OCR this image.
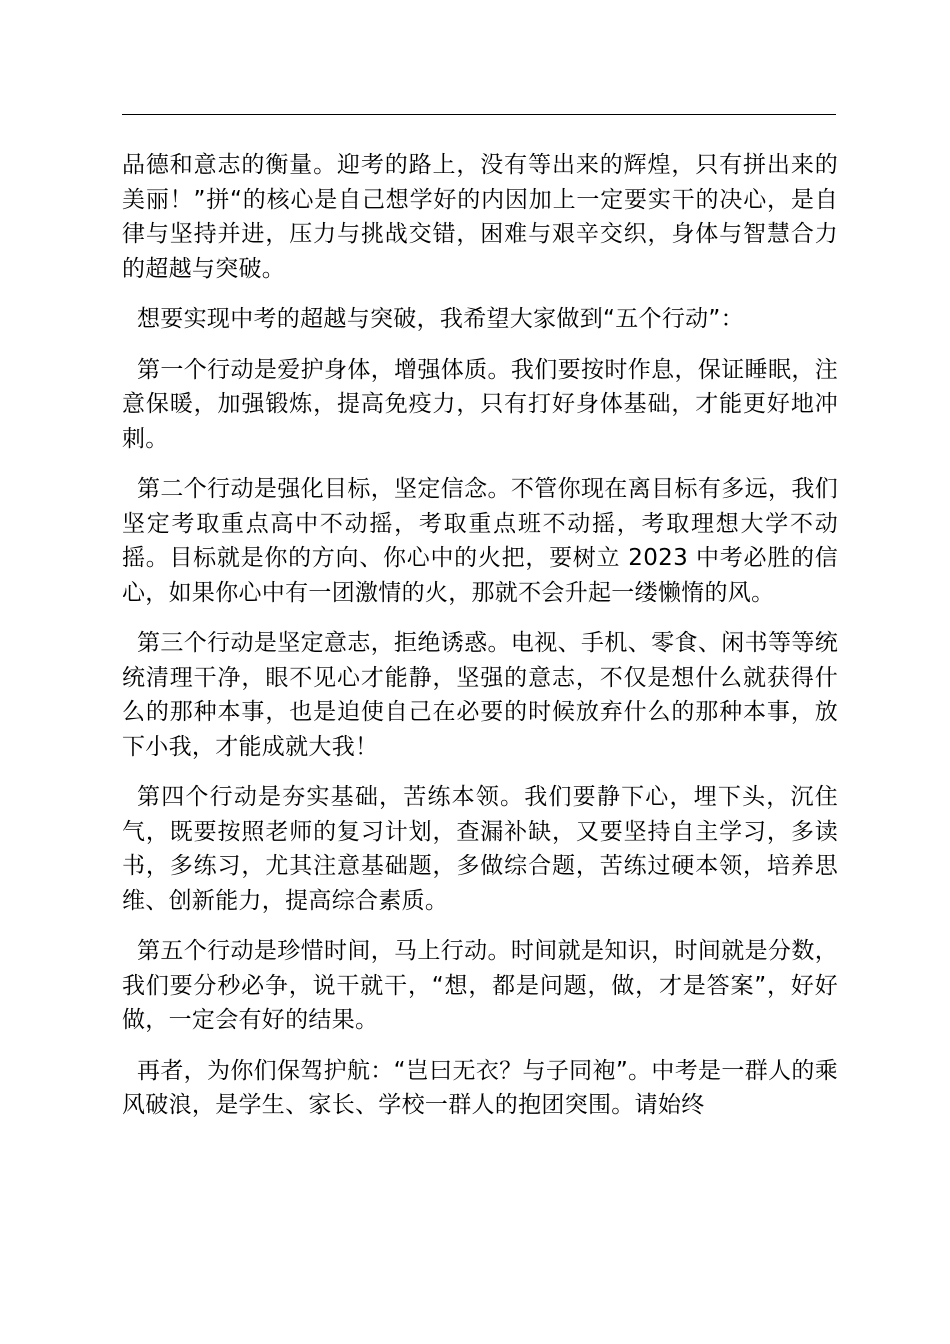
品德和意志的衡量。迎考的路上，没有等出来的辉煌，只有拼出来的美丽！”拼“的核心是自己想学好的内因加上一定要实干的决心，是自律与坚持并进，压力与挑战交错，困难与艰辛交织，身体与智慧合力的超越与突破。

想要实现中考的超越与突破，我希望大家做到“五个行动”：

第一个行动是爱护身体，增强体质。我们要按时作息，保证睡眠，注意保暖，加强锻炼，提高免疫力，只有打好身体基础，才能更好地冲刺。

第二个行动是强化目标，坚定信念。不管你现在离目标有多远，我们坚定考取重点高中不动摇，考取重点班不动摇，考取理想大学不动摇。目标就是你的方向、你心中的火把，要树立 2023 中考必胜的信心，如果你心中有一团激情的火，那就不会升起一缕懒惰的风。

第三个行动是坚定意志，拒绝诱惑。电视、手机、零食、闲书等等统统清理干净，眼不见心才能静，坚强的意志，不仅是想什么就获得什么的那种本事，也是迫使自己在必要的时候放弃什么的那种本事，放下小我，才能成就大我！

第四个行动是夯实基础，苦练本领。我们要静下心，埋下头，沉住气，既要按照老师的复习计划，查漏补缺，又要坚持自主学习，多读书，多练习，尤其注意基础题，多做综合题，苦练过硬本领，培养思维、创新能力，提高综合素质。

第五个行动是珍惜时间，马上行动。时间就是知识，时间就是分数，我们要分秒必争，说干就干，“想，都是问题，做，才是答案”，好好做，一定会有好的结果。

再者，为你们保驾护航：“岂曰无衣？与子同袍”。中考是一群人的乘风破浪，是学生、家长、学校一群人的抱团突围。请始终
